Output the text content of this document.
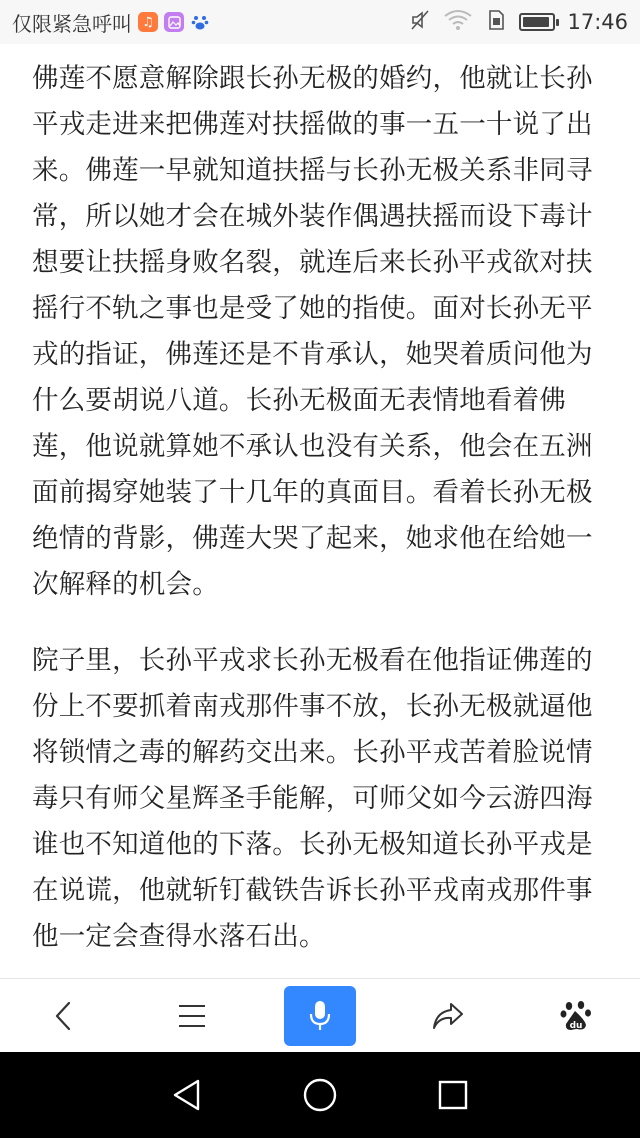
仅限紧急呼叫 ♫	17:46

佛莲不愿意解除跟长孙无极的婚约，他就让长孙平戎走进来把佛莲对扶摇做的事一五一十说了出来。佛莲一早就知道扶摇与长孙无极关系非同寻常，所以她才会在城外装作偶遇扶摇而设下毒计想要让扶摇身败名裂，就连后来长孙平戎欲对扶摇行不轨之事也是受了她的指使。面对长孙无平戎的指证，佛莲还是不肯承认，她哭着质问他为什么要胡说八道。长孙无极面无表情地看着佛莲，他说就算她不承认也没有关系，他会在五洲面前揭穿她装了十几年的真面目。看着长孙无极绝情的背影，佛莲大哭了起来，她求他在给她一次解释的机会。

院子里，长孙平戎求长孙无极看在他指证佛莲的份上不要抓着南戎那件事不放，长孙无极就逼他将锁情之毒的解药交出来。长孙平戎苦着脸说情毒只有师父星辉圣手能解，可师父如今云游四海谁也不知道他的下落。长孙无极知道长孙平戎是在说谎，他就斩钉截铁告诉长孙平戎南戎那件事他一定会查得水落石出。

du
